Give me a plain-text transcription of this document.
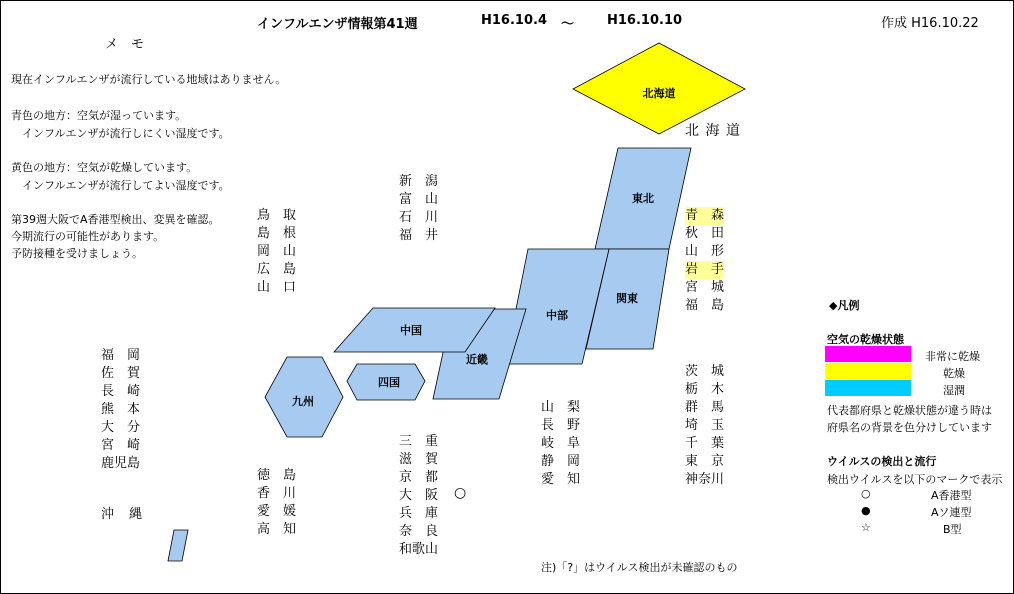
インフルエンザ情報第41週	H16.10.4 ～	H16.10.10	作成 H16.10.22
メ　モ
現在インフルエンザが流行している地域はありません。
青色の地方：空気が湿っています。
　インフルエンザが流行しにくい湿度です。
黄色の地方：空気が乾燥しています。
　インフルエンザが流行してよい湿度です。
第39週大阪でA香港型検出、変異を確認。
今期流行の可能性があります。
予防接種を受けましょう。
北海道
東北
関東
中部
近畿
中国
四国
九州
北 海 道
青　森
秋　田
山　形
岩　手
宮　城
福　島
茨　城
栃　木
群　馬
埼　玉
千　葉
東　京
神奈川
新　潟
富　山
石　川
福　井
山　梨
長　野
岐　阜
静　岡
愛　知
三　重
滋　賀
京　都
大　阪
兵　庫
奈　良
和歌山
○
鳥　取
島　根
岡　山
広　島
山　口
徳　島
香　川
愛　媛
高　知
福　岡
佐　賀
長　崎
熊　本
大　分
宮　崎
鹿児島
沖　縄
◆凡例
空気の乾燥状態
非常に乾燥
乾燥
湿潤
代表都府県と乾燥状態が違う時は
府県名の背景を色分けしています
ウイルスの検出と流行
検出ウイルスを以下のマークで表示
○	A香港型
●	Aソ連型
☆	B型
注)「?」はウイルス検出が未確認のもの
